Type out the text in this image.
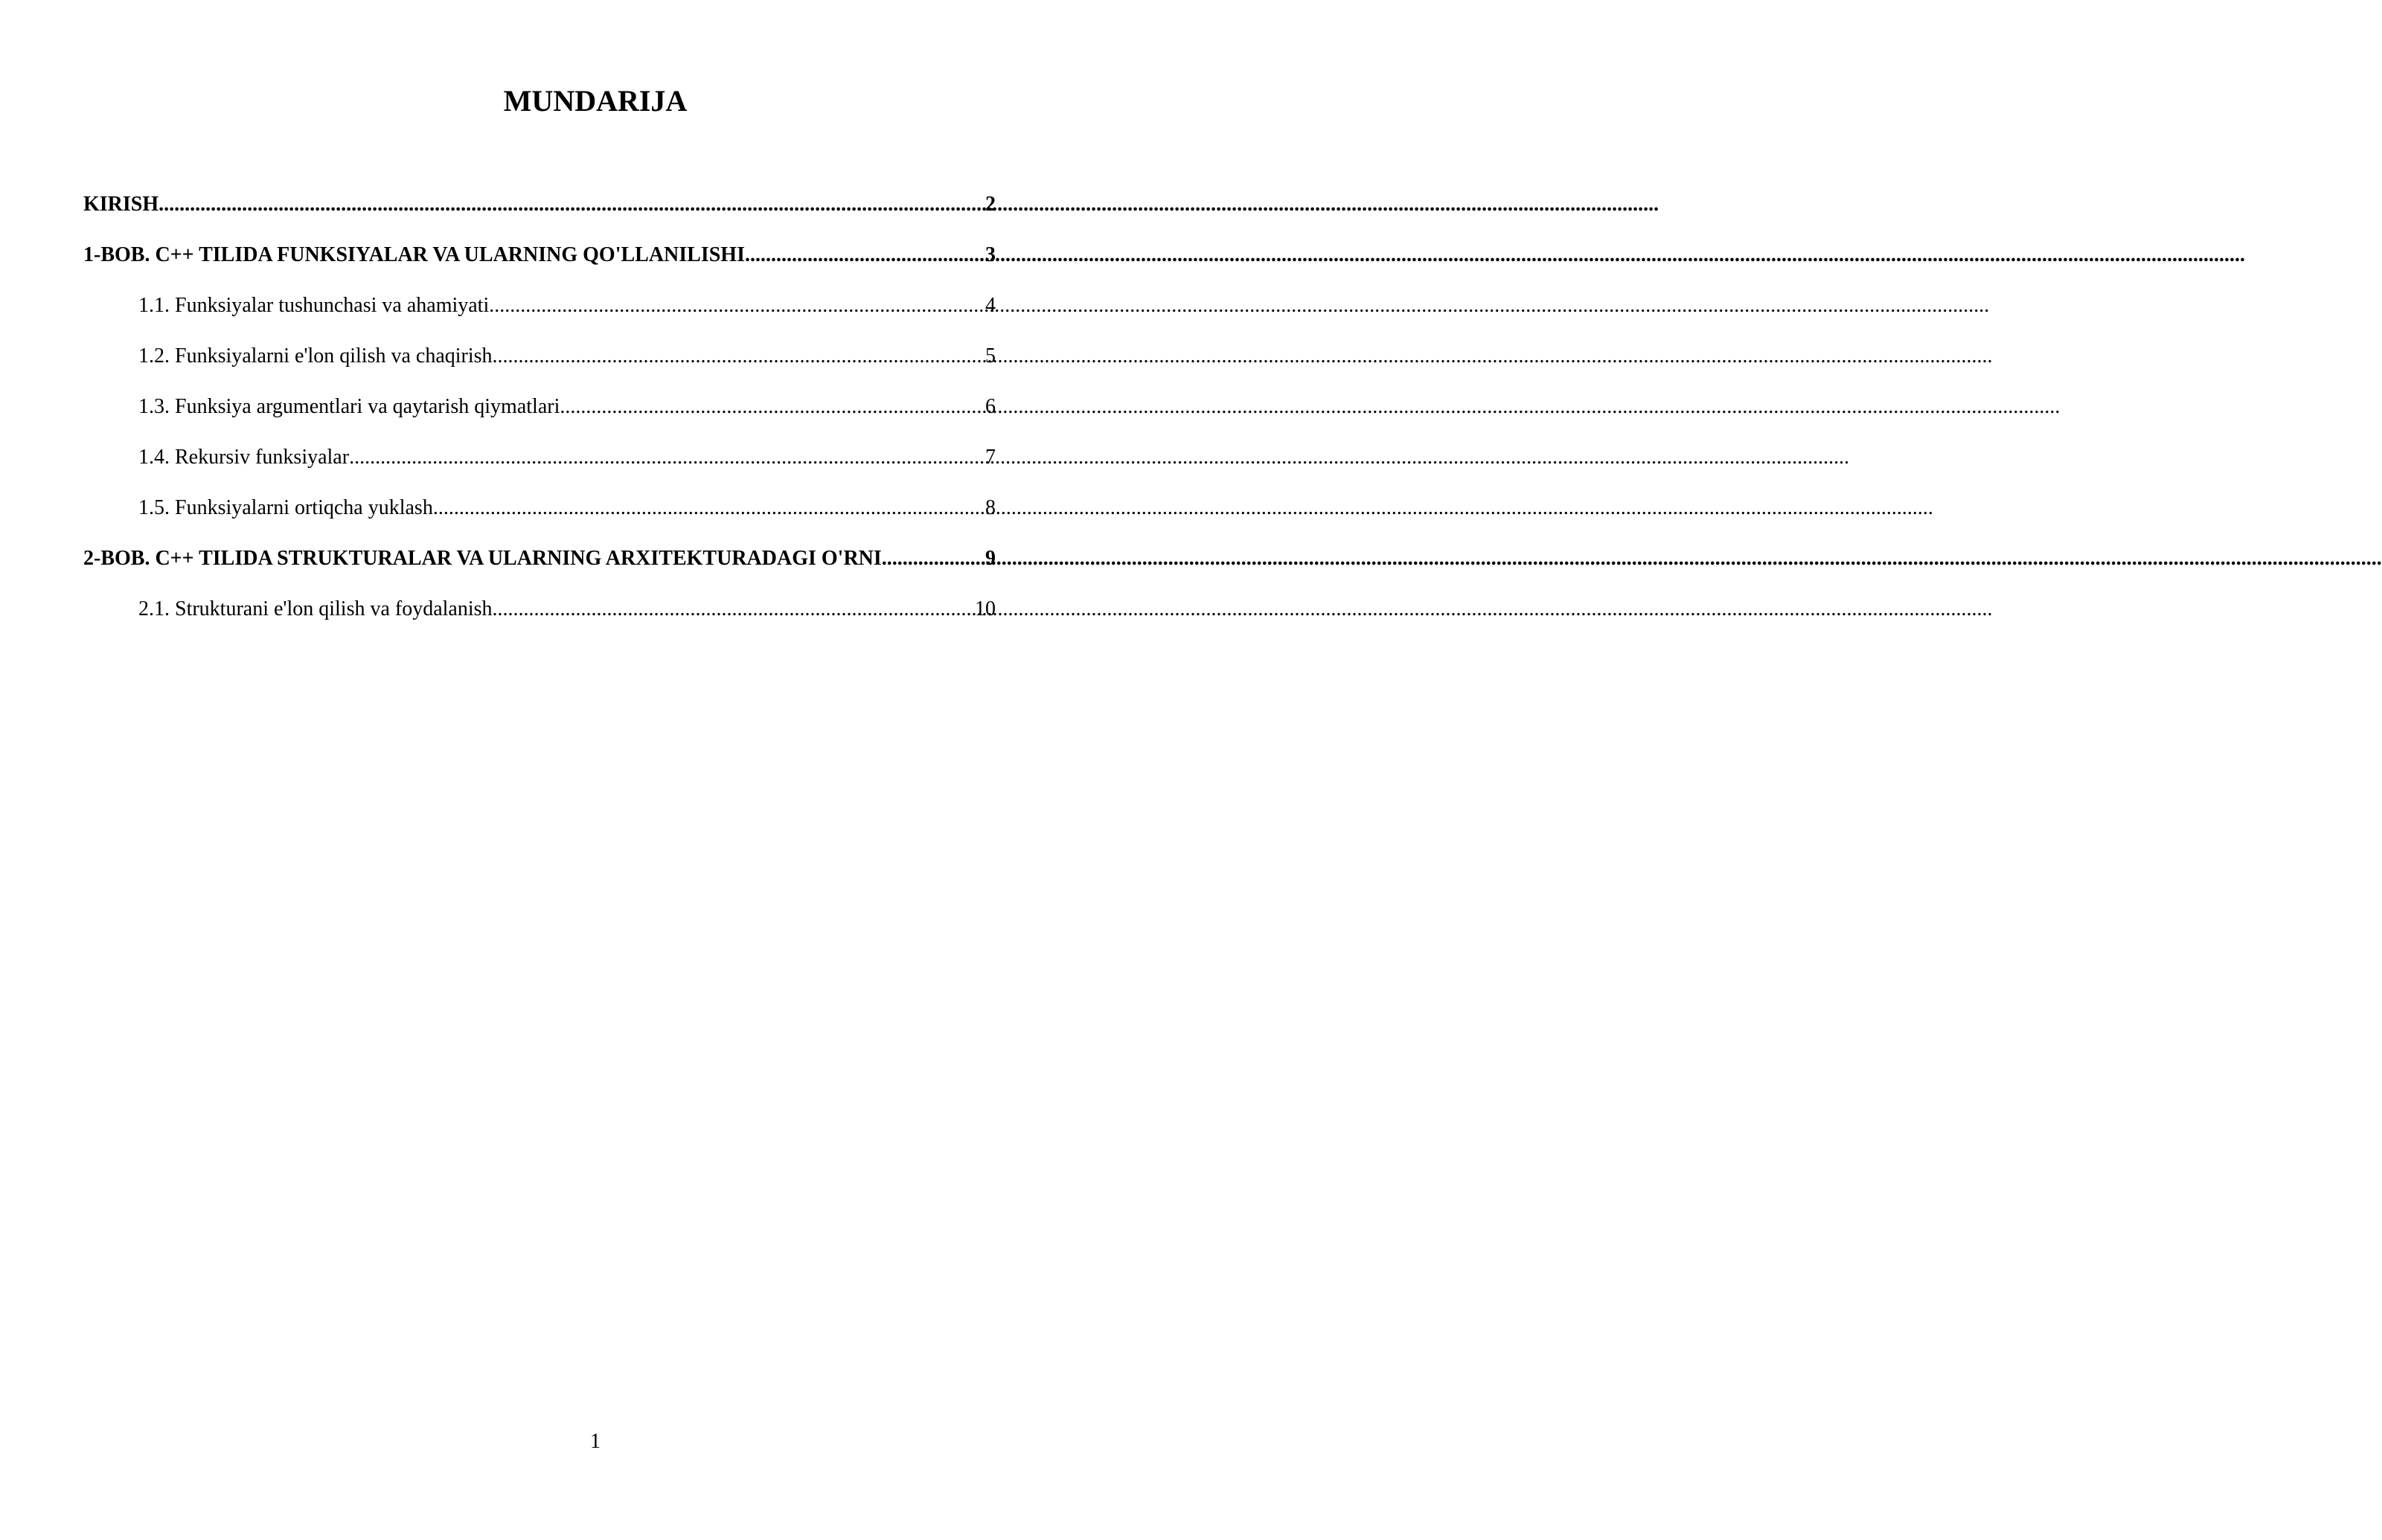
MUNDARIJA
KIRISH .....	2
1-BOB. C++ TILIDA FUNKSIYALAR VA ULARNING QO'LLANILISHI .....	3
1.1. Funksiyalar tushunchasi va ahamiyati .....	4
1.2. Funksiyalarni e'lon qilish va chaqirish .....	5
1.3. Funksiya argumentlari va qaytarish qiymatlari .....	6
1.4. Rekursiv funksiyalar .....	7
1.5. Funksiyalarni ortiqcha yuklash .....	8
2-BOB. C++ TILIDA STRUKTURALAR VA ULARNING ARXITEKTURADAGI O'RNI .....	9
2.1. Strukturani e'lon qilish va foydalanish .....	10
1
